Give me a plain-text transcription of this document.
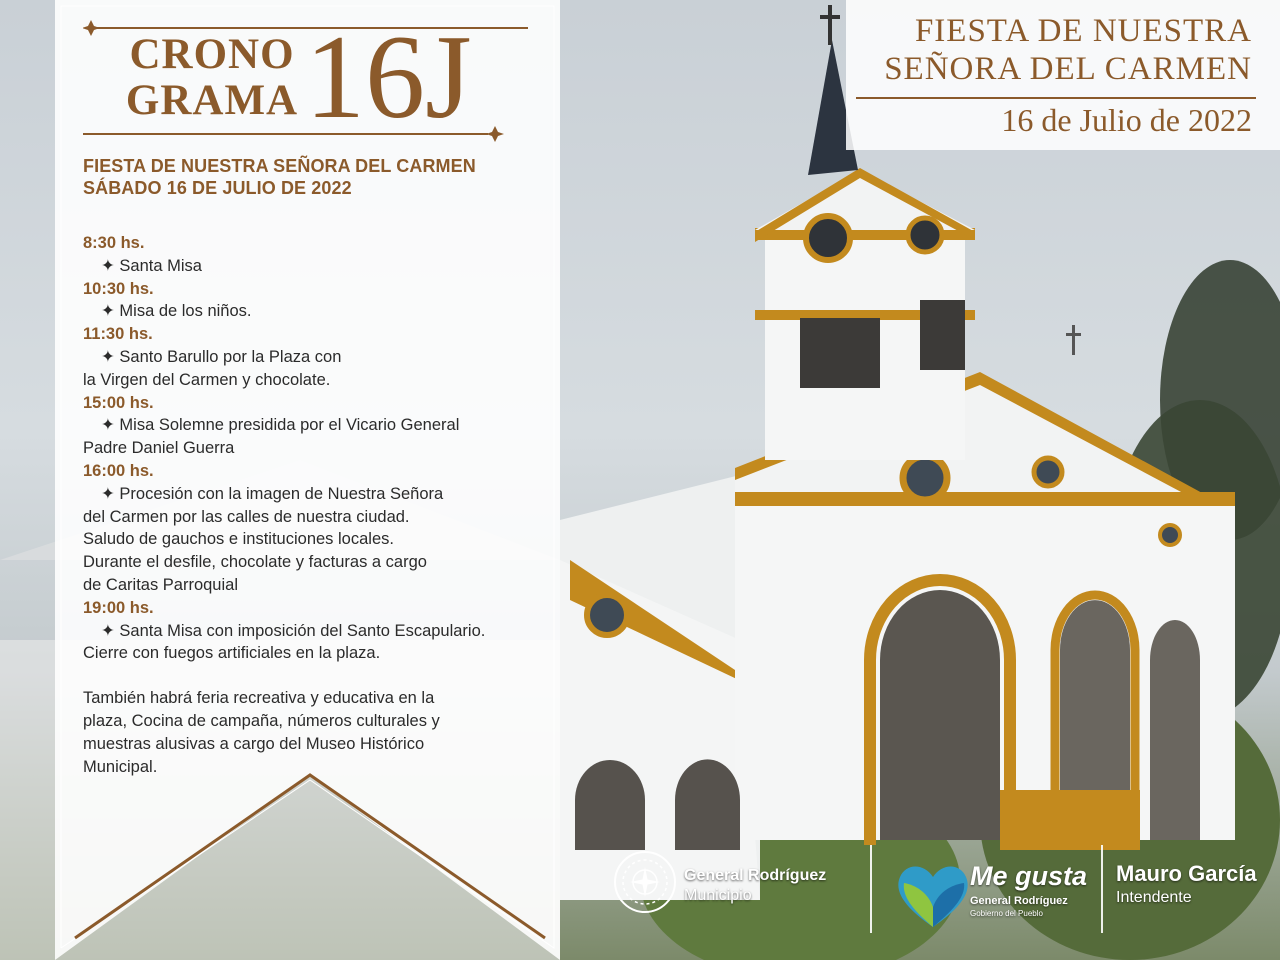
CRONO
GRAMA 16J
FIESTA DE NUESTRA SEÑORA DEL CARMEN
SÁBADO 16 DE JULIO DE 2022
8:30 hs.
✦ Santa Misa
10:30 hs.
✦ Misa de los niños.
11:30 hs.
✦ Santo Barullo por la Plaza con
la Virgen del Carmen y chocolate.
15:00 hs.
✦ Misa Solemne presidida por el Vicario General
Padre Daniel Guerra
16:00 hs.
✦ Procesión con la imagen de Nuestra Señora
del Carmen por las calles de nuestra ciudad.
Saludo de gauchos e instituciones locales.
Durante el desfile, chocolate y facturas a cargo
de Caritas Parroquial
19:00 hs.
✦ Santa Misa con imposición del Santo Escapulario.
Cierre con fuegos artificiales en la plaza.
También habrá feria recreativa y educativa en la
plaza, Cocina de campaña, números culturales y
muestras alusivas a cargo del Museo Histórico
Municipal.
FIESTA DE NUESTRA
SEÑORA DEL CARMEN
16 de Julio de 2022
General Rodríguez
Municipio
Me gusta
General Rodríguez
Gobierno del Pueblo
Mauro García
Intendente
